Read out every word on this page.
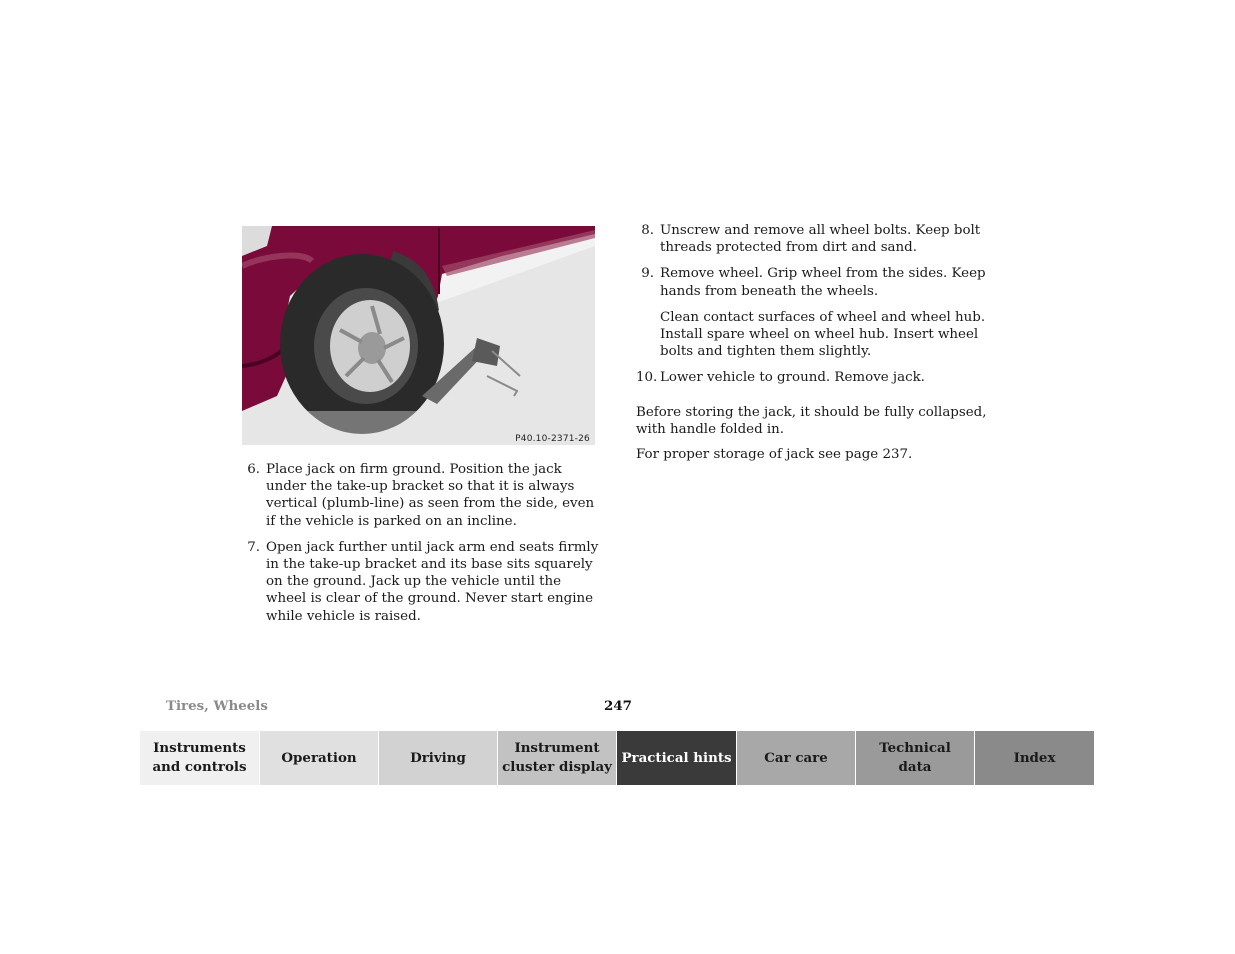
P40.10-2371-26
6. Place jack on firm ground. Position the jack under the take-up bracket so that it is always vertical (plumb-line) as seen from the side, even if the vehicle is parked on an incline.
7. Open jack further until jack arm end seats firmly in the take-up bracket and its base sits squarely on the ground. Jack up the vehicle until the wheel is clear of the ground. Never start engine while vehicle is raised.
8. Unscrew and remove all wheel bolts. Keep bolt threads protected from dirt and sand.
9. Remove wheel. Grip wheel from the sides. Keep hands from beneath the wheels.
Clean contact surfaces of wheel and wheel hub. Install spare wheel on wheel hub. Insert wheel bolts and tighten them slightly.
10. Lower vehicle to ground. Remove jack.
Before storing the jack, it should be fully collapsed, with handle folded in.
For proper storage of jack see page 237.
Tires, Wheels	247
Instruments
and controls
Operation	Driving
Instrument
cluster display
Practical hints	Car care
Technical
data
Index
